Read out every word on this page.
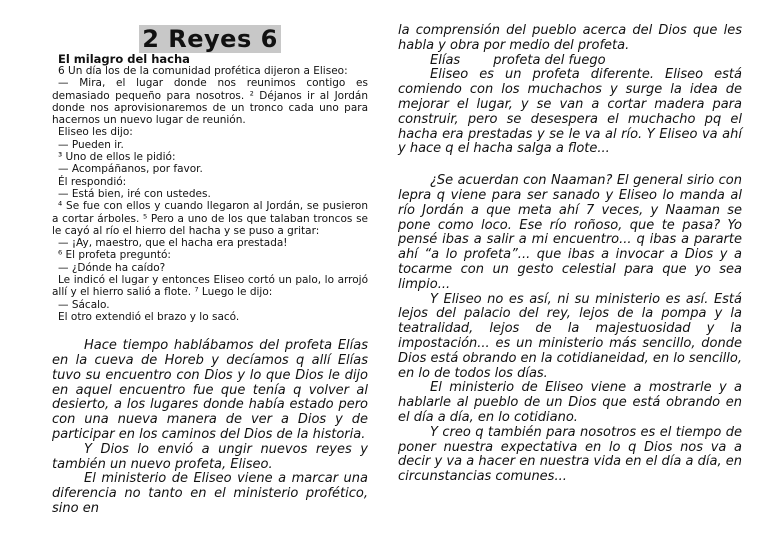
2 Reyes 6
El milagro del hacha

6 Un día los de la comunidad profética dijeron a Eliseo:

— Mira, el lugar donde nos reunimos contigo es demasiado pequeño para nosotros. ² Déjanos ir al Jordán donde nos aprovisionaremos de un tronco cada uno para hacernos un nuevo lugar de reunión.

Eliseo les dijo:

— Pueden ir.

³ Uno de ellos le pidió:

— Acompáñanos, por favor.

Él respondió:

— Está bien, iré con ustedes.

⁴ Se fue con ellos y cuando llegaron al Jordán, se pusieron a cortar árboles. ⁵ Pero a uno de los que talaban troncos se le cayó al río el hierro del hacha y se puso a gritar:

— ¡Ay, maestro, que el hacha era prestada!

⁶ El profeta preguntó:

— ¿Dónde ha caído?

Le indicó el lugar y entonces Eliseo cortó un palo, lo arrojó allí y el hierro salió a flote. ⁷ Luego le dijo:

— Sácalo.

El otro extendió el brazo y lo sacó.

Hace tiempo hablábamos del profeta Elías en la cueva de Horeb y decíamos q allí Elías tuvo su encuentro con Dios y lo que Dios le dijo en aquel encuentro fue que tenía q volver al desierto, a los lugares donde había estado pero con una nueva manera de ver a Dios y de participar en los caminos del Dios de la historia.

Y Dios lo envió a ungir nuevos reyes y también un nuevo profeta, Eliseo.

El ministerio de Eliseo viene a marcar una diferencia no tanto en el ministerio profético, sino en

la comprensión del pueblo acerca del Dios que les habla y obra por medio del profeta.

Elías        profeta del fuego

Eliseo es un profeta diferente. Eliseo está comiendo con los muchachos y surge la idea de mejorar el lugar, y se van a cortar madera para construir, pero se desespera el muchacho pq el hacha era prestadas y se le va al río. Y Eliseo va ahí y hace q el hacha salga a flote...

¿Se acuerdan con Naaman? El general sirio con lepra q viene para ser sanado y Eliseo lo manda al río Jordán a que meta ahí 7 veces, y Naaman se pone como loco. Ese río roñoso, que te pasa? Yo pensé ibas a salir a mi encuentro... q ibas a pararte ahí “a lo profeta”... que ibas a invocar a Dios y a tocarme con un gesto celestial para que yo sea limpio...

Y Eliseo no es así, ni su ministerio es así. Está lejos del palacio del rey, lejos de la pompa y la teatralidad, lejos de la majestuosidad y la impostación... es un ministerio más sencillo, donde Dios está obrando en la cotidianeidad, en lo sencillo, en lo de todos los días.

El ministerio de Eliseo viene a mostrarle y a hablarle al pueblo de un Dios que está obrando en el día a día, en lo cotidiano.

Y creo q también para nosotros es el tiempo de poner nuestra expectativa en lo q Dios nos va a decir y va a hacer en nuestra vida en el día a día, en circunstancias comunes...
